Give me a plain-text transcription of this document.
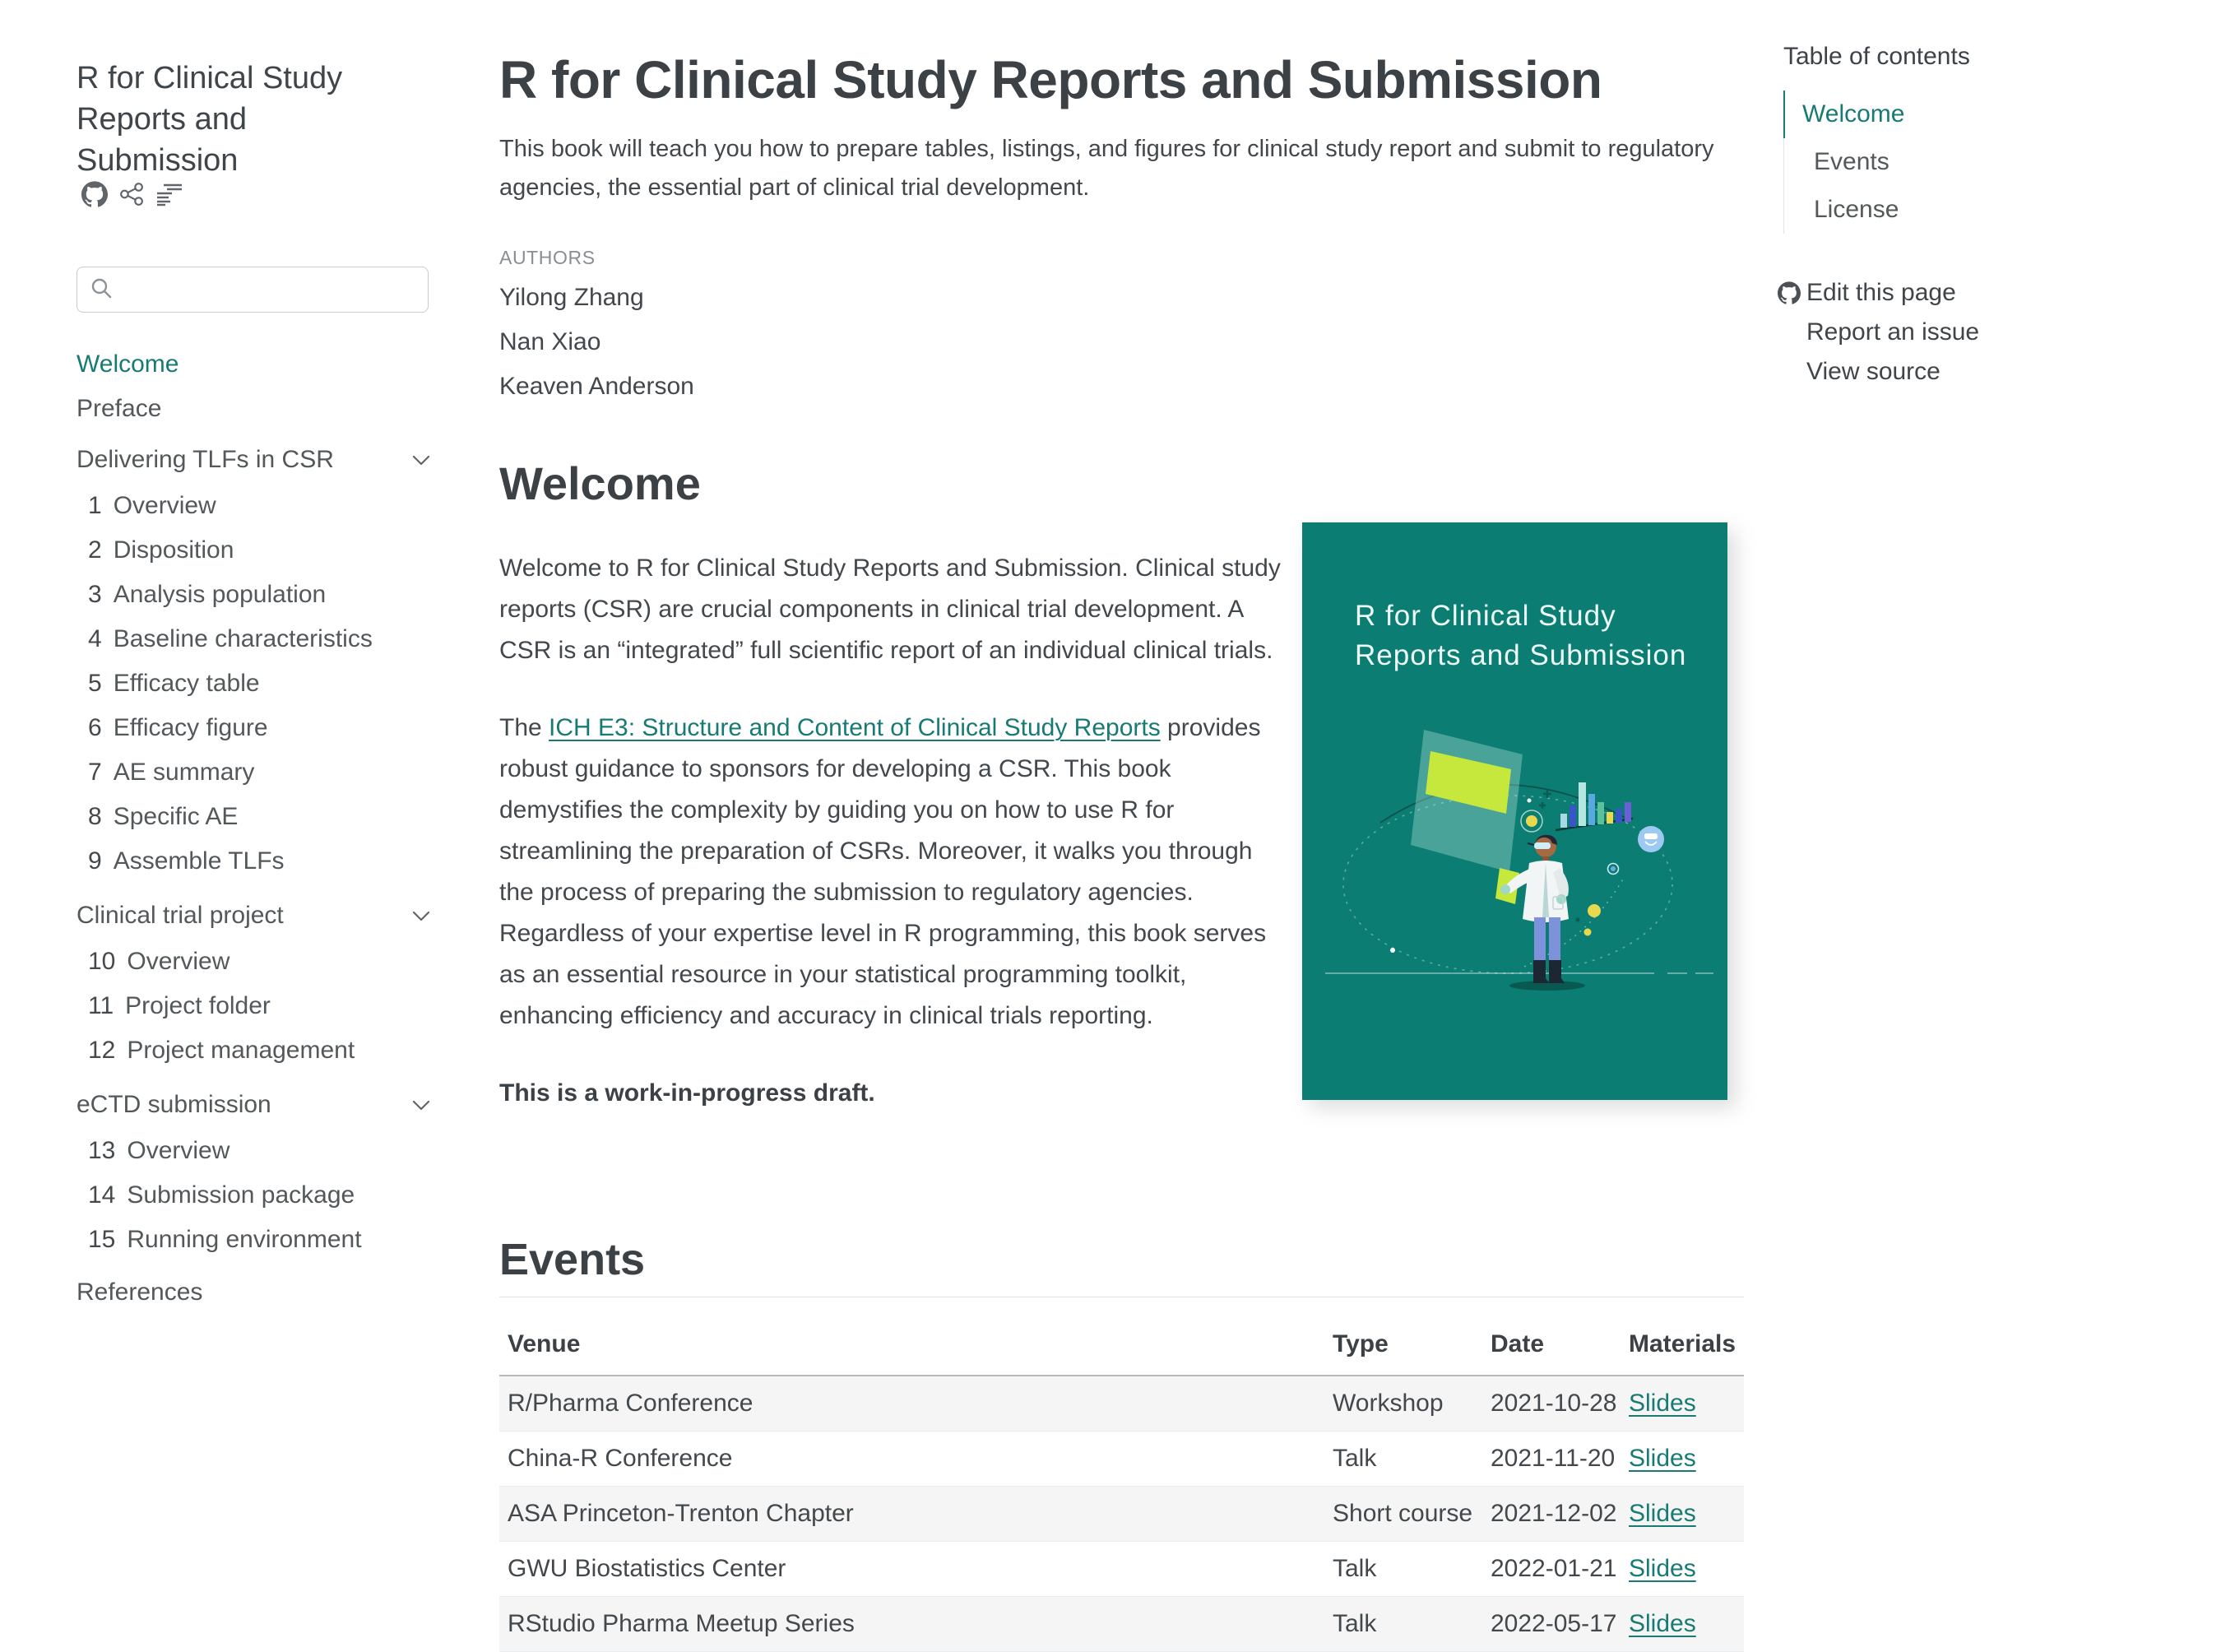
R for Clinical Study
Reports and
Submission
Welcome
Preface
Delivering TLFs in CSR
1 Overview
2 Disposition
3 Analysis population
4 Baseline characteristics
5 Efficacy table
6 Efficacy figure
7 AE summary
8 Specific AE
9 Assemble TLFs
Clinical trial project
10 Overview
11 Project folder
12 Project management
eCTD submission
13 Overview
14 Submission package
15 Running environment
References
R for Clinical Study Reports and Submission

This book will teach you how to prepare tables, listings, and figures for clinical study report and submit to regulatory agencies, the essential part of clinical trial development.

AUTHORS
Yilong Zhang
Nan Xiao
Keaven Anderson
Welcome

Welcome to R for Clinical Study Reports and Submission. Clinical study reports (CSR) are crucial components in clinical trial development. A CSR is an “integrated” full scientific report of an individual clinical trials.

The ICH E3: Structure and Content of Clinical Study Reports provides robust guidance to sponsors for developing a CSR. This book demystifies the complexity by guiding you on how to use R for streamlining the preparation of CSRs. Moreover, it walks you through the process of preparing the submission to regulatory agencies. Regardless of your expertise level in R programming, this book serves as an essential resource in your statistical programming toolkit, enhancing efficiency and accuracy in clinical trials reporting.

This is a work-in-progress draft.

R for Clinical Study
Reports and Submission
Events
Venue	Type	Date	Materials
R/Pharma Conference	Workshop	2021-10-28	Slides
China-R Conference	Talk	2021-11-20	Slides
ASA Princeton-Trenton Chapter	Short course	2021-12-02	Slides
GWU Biostatistics Center	Talk	2022-01-21	Slides
RStudio Pharma Meetup Series	Talk	2022-05-17	Slides
Table of contents
Welcome
Events
License
Edit this page
Report an issue
View source
